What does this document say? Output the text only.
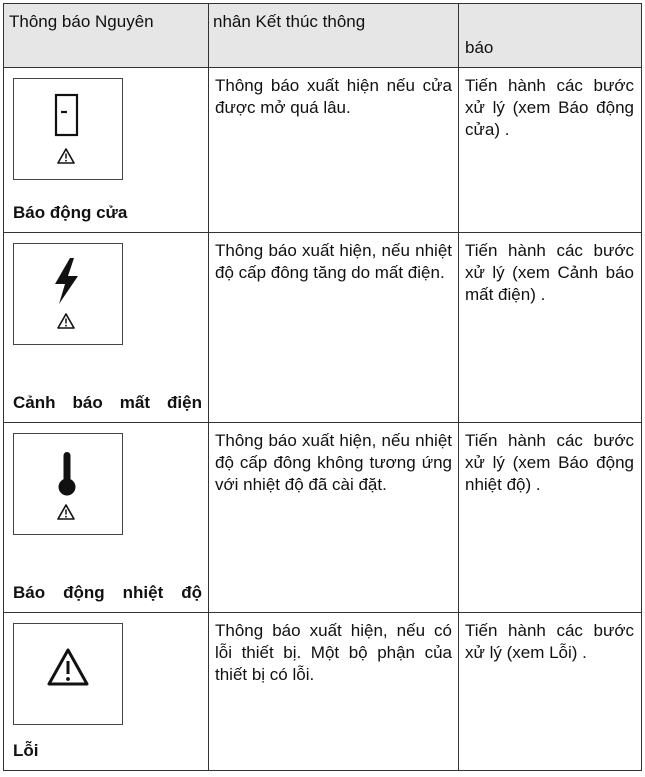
Thông báo Nguyên	nhân Kết thúc thông	báo

Báo động cửa	Thông báo xuất hiện nếu cửa được mở quá lâu.	Tiến hành các bước xử lý (xem Báo động cửa) .

Cảnh báo mất điện	Thông báo xuất hiện, nếu nhiệt độ cấp đông tăng do mất điện.	Tiến hành các bước xử lý (xem Cảnh báo mất điện) .

Báo động nhiệt độ	Thông báo xuất hiện, nếu nhiệt độ cấp đông không tương ứng với nhiệt độ đã cài đặt.	Tiến hành các bước xử lý (xem Báo động nhiệt độ) .

Lỗi	Thông báo xuất hiện, nếu có lỗi thiết bị. Một bộ phận của thiết bị có lỗi.	Tiến hành các bước xử lý (xem Lỗi) .
